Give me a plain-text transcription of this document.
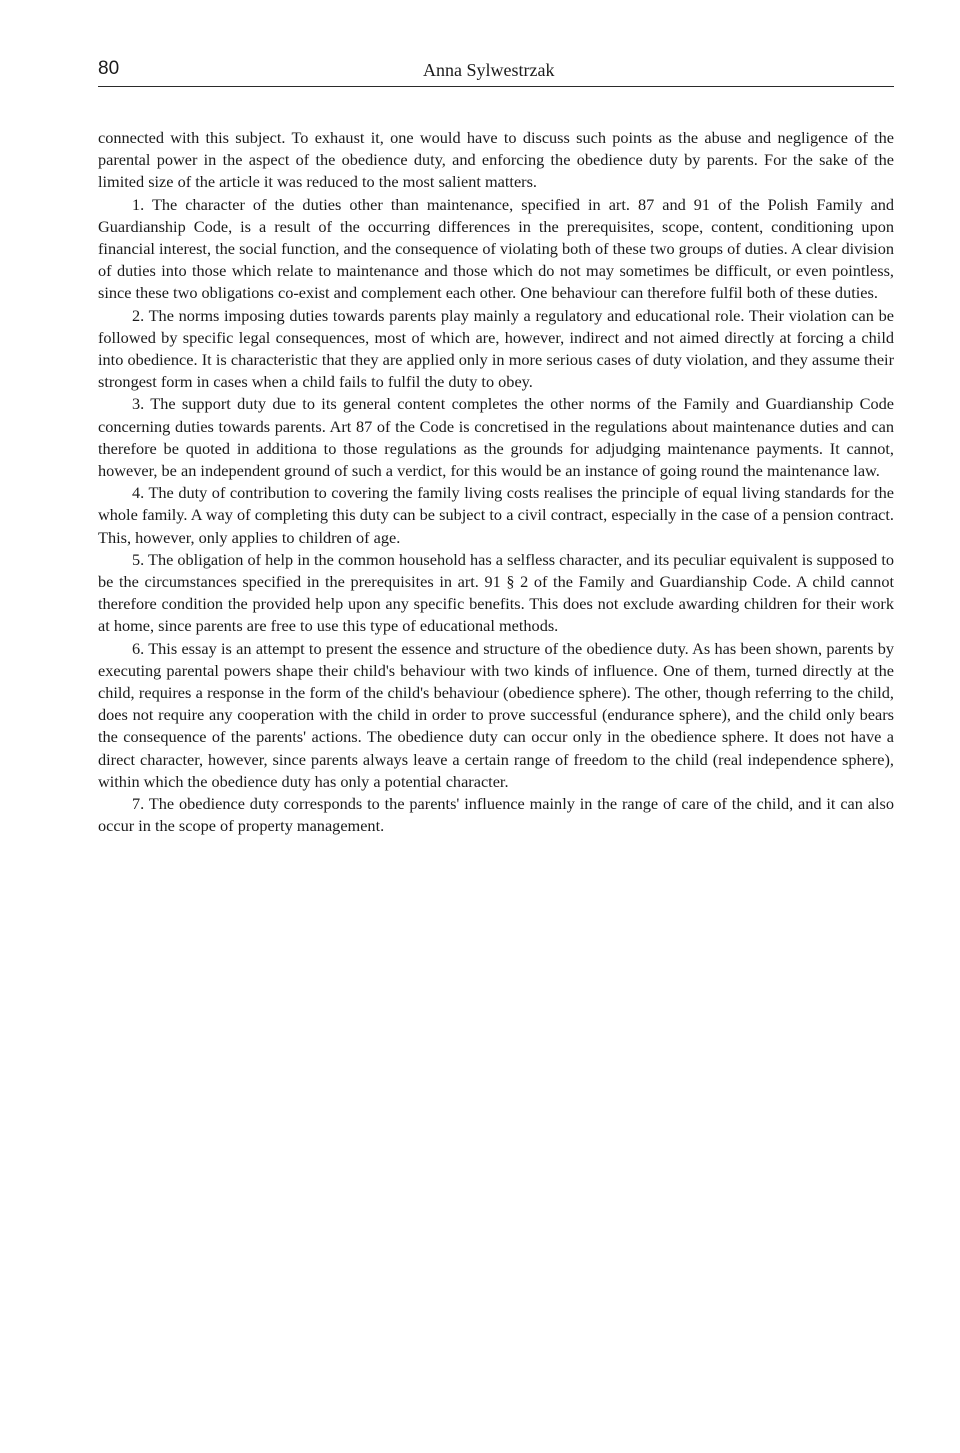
80	Anna Sylwestrzak

connected with this subject. To exhaust it, one would have to discuss such points as the abuse and negligence of the parental power in the aspect of the obedience duty, and enforcing the obedience duty by parents. For the sake of the limited size of the article it was reduced to the most salient matters.

1. The character of the duties other than maintenance, specified in art. 87 and 91 of the Polish Family and Guardianship Code, is a result of the occurring differences in the prerequisites, scope, content, conditioning upon financial interest, the social function, and the consequence of violating both of these two groups of duties. A clear division of duties into those which relate to maintenance and those which do not may sometimes be difficult, or even pointless, since these two obligations co-exist and complement each other. One behaviour can therefore fulfil both of these duties.

2. The norms imposing duties towards parents play mainly a regulatory and educational role. Their violation can be followed by specific legal consequences, most of which are, however, indirect and not aimed directly at forcing a child into obedience. It is characteristic that they are applied only in more serious cases of duty violation, and they assume their strongest form in cases when a child fails to fulfil the duty to obey.

3. The support duty due to its general content completes the other norms of the Family and Guardianship Code concerning duties towards parents. Art 87 of the Code is concretised in the regulations about maintenance duties and can therefore be quoted in additiona to those regulations as the grounds for adjudging maintenance payments. It cannot, however, be an independent ground of such a verdict, for this would be an instance of going round the maintenance law.

4. The duty of contribution to covering the family living costs realises the principle of equal living standards for the whole family. A way of completing this duty can be subject to a civil contract, especially in the case of a pension contract. This, however, only applies to children of age.

5. The obligation of help in the common household has a selfless character, and its peculiar equivalent is supposed to be the circumstances specified in the prerequisites in art. 91 § 2 of the Family and Guardianship Code. A child cannot therefore condition the provided help upon any specific benefits. This does not exclude awarding children for their work at home, since parents are free to use this type of educational methods.

6. This essay is an attempt to present the essence and structure of the obedience duty. As has been shown, parents by executing parental powers shape their child's behaviour with two kinds of influence. One of them, turned directly at the child, requires a response in the form of the child's behaviour (obedience sphere). The other, though referring to the child, does not require any cooperation with the child in order to prove successful (endurance sphere), and the child only bears the consequence of the parents' actions. The obedience duty can occur only in the obedience sphere. It does not have a direct character, however, since parents always leave a certain range of freedom to the child (real independence sphere), within which the obedience duty has only a potential character.

7. The obedience duty corresponds to the parents' influence mainly in the range of care of the child, and it can also occur in the scope of property management.
